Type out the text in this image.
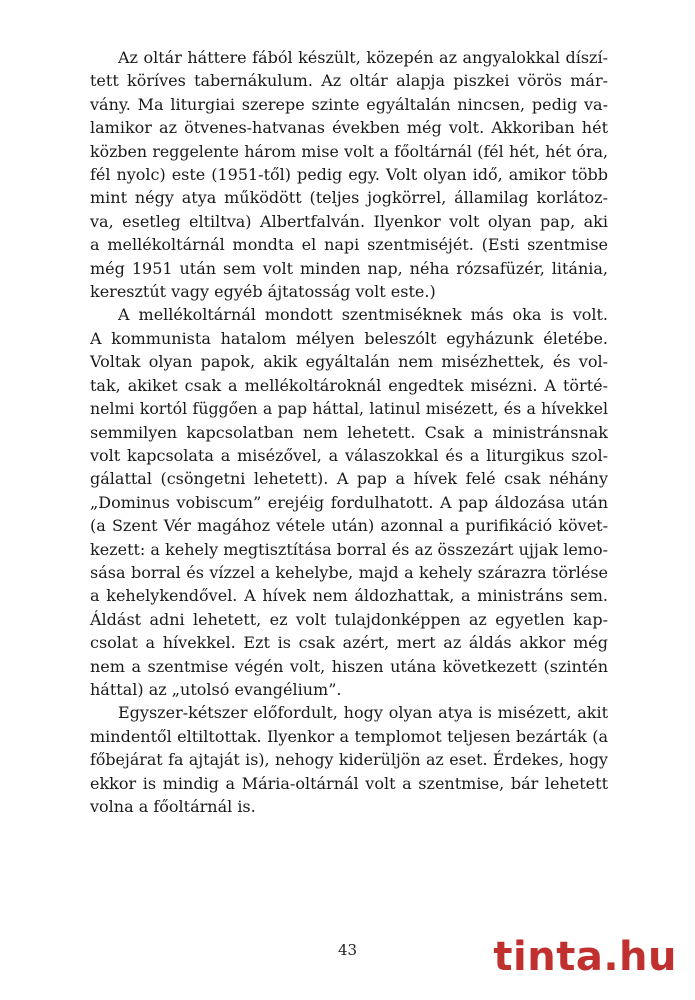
Az oltár háttere fából készült, közepén az angyalokkal díszí-
tett köríves tabernákulum. Az oltár alapja piszkei vörös már-
vány. Ma liturgiai szerepe szinte egyáltalán nincsen, pedig va-
lamikor az ötvenes-hatvanas években még volt. Akkoriban hét
közben reggelente három mise volt a főoltárnál (fél hét, hét óra,
fél nyolc) este (1951-től) pedig egy. Volt olyan idő, amikor több
mint négy atya működött (teljes jogkörrel, államilag korlátoz-
va, esetleg eltiltva) Albertfalván. Ilyenkor volt olyan pap, aki
a mellékoltárnál mondta el napi szentmiséjét. (Esti szentmise
még 1951 után sem volt minden nap, néha rózsafüzér, litánia,
keresztút vagy egyéb ájtatosság volt este.)

A mellékoltárnál mondott szentmiséknek más oka is volt.
A kommunista hatalom mélyen beleszólt egyházunk életébe.
Voltak olyan papok, akik egyáltalán nem misézhettek, és vol-
tak, akiket csak a mellékoltároknál engedtek misézni. A törté-
nelmi kortól függően a pap háttal, latinul misézett, és a hívekkel
semmilyen kapcsolatban nem lehetett. Csak a ministránsnak
volt kapcsolata a misézővel, a válaszokkal és a liturgikus szol-
gálattal (csöngetni lehetett). A pap a hívek felé csak néhány
„Dominus vobiscum” erejéig fordulhatott. A pap áldozása után
(a Szent Vér magához vétele után) azonnal a purifikáció követ-
kezett: a kehely megtisztítása borral és az összezárt ujjak lemo-
sása borral és vízzel a kehelybe, majd a kehely szárazra törlése
a kehelykendővel. A hívek nem áldozhattak, a ministráns sem.
Áldást adni lehetett, ez volt tulajdonképpen az egyetlen kap-
csolat a hívekkel. Ezt is csak azért, mert az áldás akkor még
nem a szentmise végén volt, hiszen utána következett (szintén
háttal) az „utolsó evangélium”.

Egyszer-kétszer előfordult, hogy olyan atya is misézett, akit
mindentől eltiltottak. Ilyenkor a templomot teljesen bezárták (a
főbejárat fa ajtaját is), nehogy kiderüljön az eset. Érdekes, hogy
ekkor is mindig a Mária-oltárnál volt a szentmise, bár lehetett
volna a főoltárnál is.

43	tinta.hu
